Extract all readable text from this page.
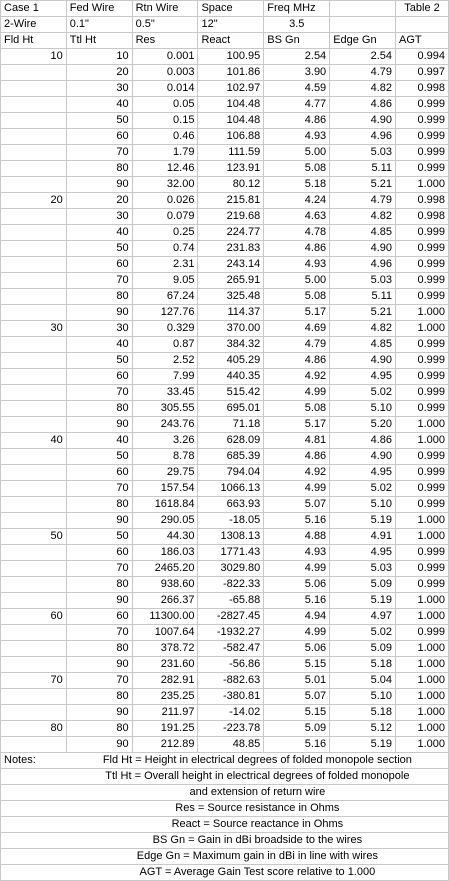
Case 1	Fed Wire	Rtn Wire	Space	Freq MHz		Table 2
2-Wire	0.1"	0.5"	12"	3.5		
Fld Ht	Ttl Ht	Res	React	BS Gn	Edge Gn	AGT
10	10	0.001	100.95	2.54	2.54	0.994
	20	0.003	101.86	3.90	4.79	0.997
	30	0.014	102.97	4.59	4.82	0.998
	40	0.05	104.48	4.77	4.86	0.999
	50	0.15	104.48	4.86	4.90	0.999
	60	0.46	106.88	4.93	4.96	0.999
	70	1.79	111.59	5.00	5.03	0.999
	80	12.46	123.91	5.08	5.11	0.999
	90	32.00	80.12	5.18	5.21	1.000
20	20	0.026	215.81	4.24	4.79	0.998
	30	0.079	219.68	4.63	4.82	0.998
	40	0.25	224.77	4.78	4.85	0.999
	50	0.74	231.83	4.86	4.90	0.999
	60	2.31	243.14	4.93	4.96	0.999
	70	9.05	265.91	5.00	5.03	0.999
	80	67.24	325.48	5.08	5.11	0.999
	90	127.76	114.37	5.17	5.21	1.000
30	30	0.329	370.00	4.69	4.82	1.000
	40	0.87	384.32	4.79	4.85	0.999
	50	2.52	405.29	4.86	4.90	0.999
	60	7.99	440.35	4.92	4.95	0.999
	70	33.45	515.42	4.99	5.02	0.999
	80	305.55	695.01	5.08	5.10	0.999
	90	243.76	71.18	5.17	5.20	1.000
40	40	3.26	628.09	4.81	4.86	1.000
	50	8.78	685.39	4.86	4.90	0.999
	60	29.75	794.04	4.92	4.95	0.999
	70	157.54	1066.13	4.99	5.02	0.999
	80	1618.84	663.93	5.07	5.10	0.999
	90	290.05	-18.05	5.16	5.19	1.000
50	50	44.30	1308.13	4.88	4.91	1.000
	60	186.03	1771.43	4.93	4.95	0.999
	70	2465.20	3029.80	4.99	5.03	0.999
	80	938.60	-822.33	5.06	5.09	0.999
	90	266.37	-65.88	5.16	5.19	1.000
60	60	11300.00	-2827.45	4.94	4.97	1.000
	70	1007.64	-1932.27	4.99	5.02	0.999
	80	378.72	-582.47	5.06	5.09	1.000
	90	231.60	-56.86	5.15	5.18	1.000
70	70	282.91	-882.63	5.01	5.04	1.000
	80	235.25	-380.81	5.07	5.10	1.000
	90	211.97	-14.02	5.15	5.18	1.000
80	80	191.25	-223.78	5.09	5.12	1.000
	90	212.89	48.85	5.16	5.19	1.000
Notes:	Fld Ht = Height in electrical degrees of folded monopole section					
	Ttl Ht = Overall height in electrical degrees of folded monopole					
	and extension of return wire					
	Res = Source resistance in Ohms					
	React = Source reactance in Ohms					
	BS Gn = Gain in dBi broadside to the wires					
	Edge Gn = Maximum gain in dBi in line with wires					
	AGT = Average Gain Test score relative to 1.000					
